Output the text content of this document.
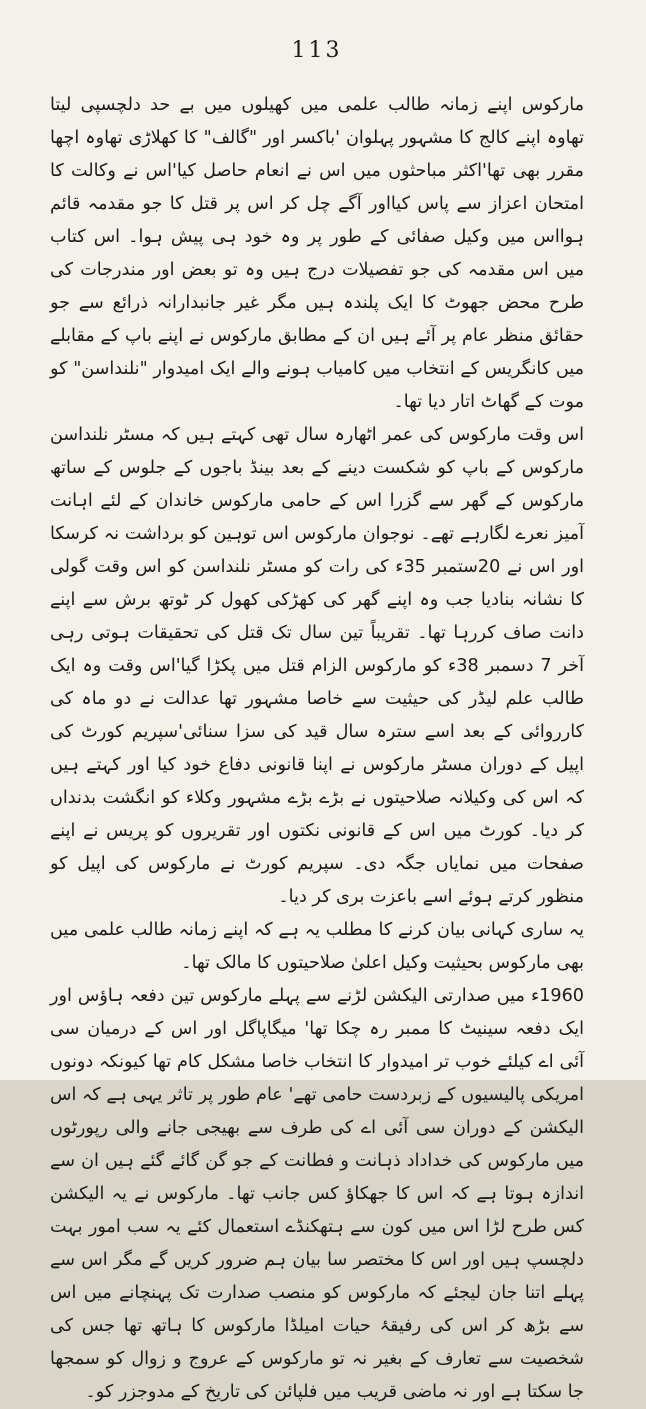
113

مارکوس اپنے زمانہ طالب علمی میں کھیلوں میں بے حد دلچسپی لیتا تھاوہ اپنے کالج کا مشہور پہلوان 'باکسر اور "گالف" کا کھلاڑی تھاوہ اچھا مقرر بھی تھا'اکثر مباحثوں میں اس نے انعام حاصل کیا'اس نے وکالت کا امتحان اعزاز سے پاس کیااور آگے چل کر اس پر قتل کا جو مقدمہ قائم ہوااس میں وکیل صفائی کے طور پر وہ خود ہی پیش ہوا۔ اس کتاب میں اس مقدمہ کی جو تفصیلات درج ہیں وہ تو بعض اور مندرجات کی طرح محض جھوٹ کا ایک پلندہ ہیں مگر غیر جانبدارانہ ذرائع سے جو حقائق منظر عام پر آئے ہیں ان کے مطابق مارکوس نے اپنے باپ کے مقابلے میں کانگریس کے انتخاب میں کامیاب ہونے والے ایک امیدوار "نلنداسن" کو موت کے گھاٹ اتار دیا تھا۔

اس وقت مارکوس کی عمر اٹھارہ سال تھی کہتے ہیں کہ مسٹر نلنداسن مارکوس کے باپ کو شکست دینے کے بعد بینڈ باجوں کے جلوس کے ساتھ مارکوس کے گھر سے گزرا اس کے حامی مارکوس خاندان کے لئے اہانت آمیز نعرے لگارہے تھے۔ نوجوان مارکوس اس توہین کو برداشت نہ کرسکا اور اس نے 20ستمبر 35ء کی رات کو مسٹر نلنداسن کو اس وقت گولی کا نشانہ بنادیا جب وہ اپنے گھر کی کھڑکی کھول کر ٹوتھ برش سے اپنے دانت صاف کررہا تھا۔ تقریباً تین سال تک قتل کی تحقیقات ہوتی رہی آخر 7 دسمبر 38ء کو مارکوس الزام قتل میں پکڑا گیا'اس وقت وہ ایک طالب علم لیڈر کی حیثیت سے خاصا مشہور تھا عدالت نے دو ماہ کی کارروائی کے بعد اسے سترہ سال قید کی سزا سنائی'سپریم کورٹ کی اپیل کے دوران مسٹر مارکوس نے اپنا قانونی دفاع خود کیا اور کہتے ہیں کہ اس کی وکیلانہ صلاحیتوں نے بڑے بڑے مشہور وکلاء کو انگشت بدنداں کر دیا۔ کورٹ میں اس کے قانونی نکتوں اور تقریروں کو پریس نے اپنے صفحات میں نمایاں جگہ دی۔ سپریم کورٹ نے مارکوس کی اپیل کو منظور کرتے ہوئے اسے باعزت بری کر دیا۔

یہ ساری کہانی بیان کرنے کا مطلب یہ ہے کہ اپنے زمانہ طالب علمی میں بھی مارکوس بحیثیت وکیل اعلیٰ صلاحیتوں کا مالک تھا۔

1960ء میں صدارتی الیکشن لڑنے سے پہلے مارکوس تین دفعہ ہاؤس اور ایک دفعہ سینیٹ کا ممبر رہ چکا تھا' میگاپاگل اور اس کے درمیان سی آئی اے کیلئے خوب تر امیدوار کا انتخاب خاصا مشکل کام تھا کیونکہ دونوں امریکی پالیسیوں کے زبردست حامی تھے' عام طور پر تاثر یہی ہے کہ اس الیکشن کے دوران سی آئی اے کی طرف سے بھیجی جانے والی رپورٹوں میں مارکوس کی خداداد ذہانت و فطانت کے جو گن گائے گئے ہیں ان سے اندازہ ہوتا ہے کہ اس کا جھکاؤ کس جانب تھا۔ مارکوس نے یہ الیکشن کس طرح لڑا اس میں کون سے ہتھکنڈے استعمال کئے یہ سب امور بہت دلچسپ ہیں اور اس کا مختصر سا بیان ہم ضرور کریں گے مگر اس سے پہلے اتنا جان لیجئے کہ مارکوس کو منصب صدارت تک پہنچانے میں اس سے بڑھ کر اس کی رفیقۂ حیات امیلڈا مارکوس کا ہاتھ تھا جس کی شخصیت سے تعارف کے بغیر نہ تو مارکوس کے عروج و زوال کو سمجھا جا سکتا ہے اور نہ ماضی قریب میں فلپائن کی تاریخ کے مدوجزر کو۔
